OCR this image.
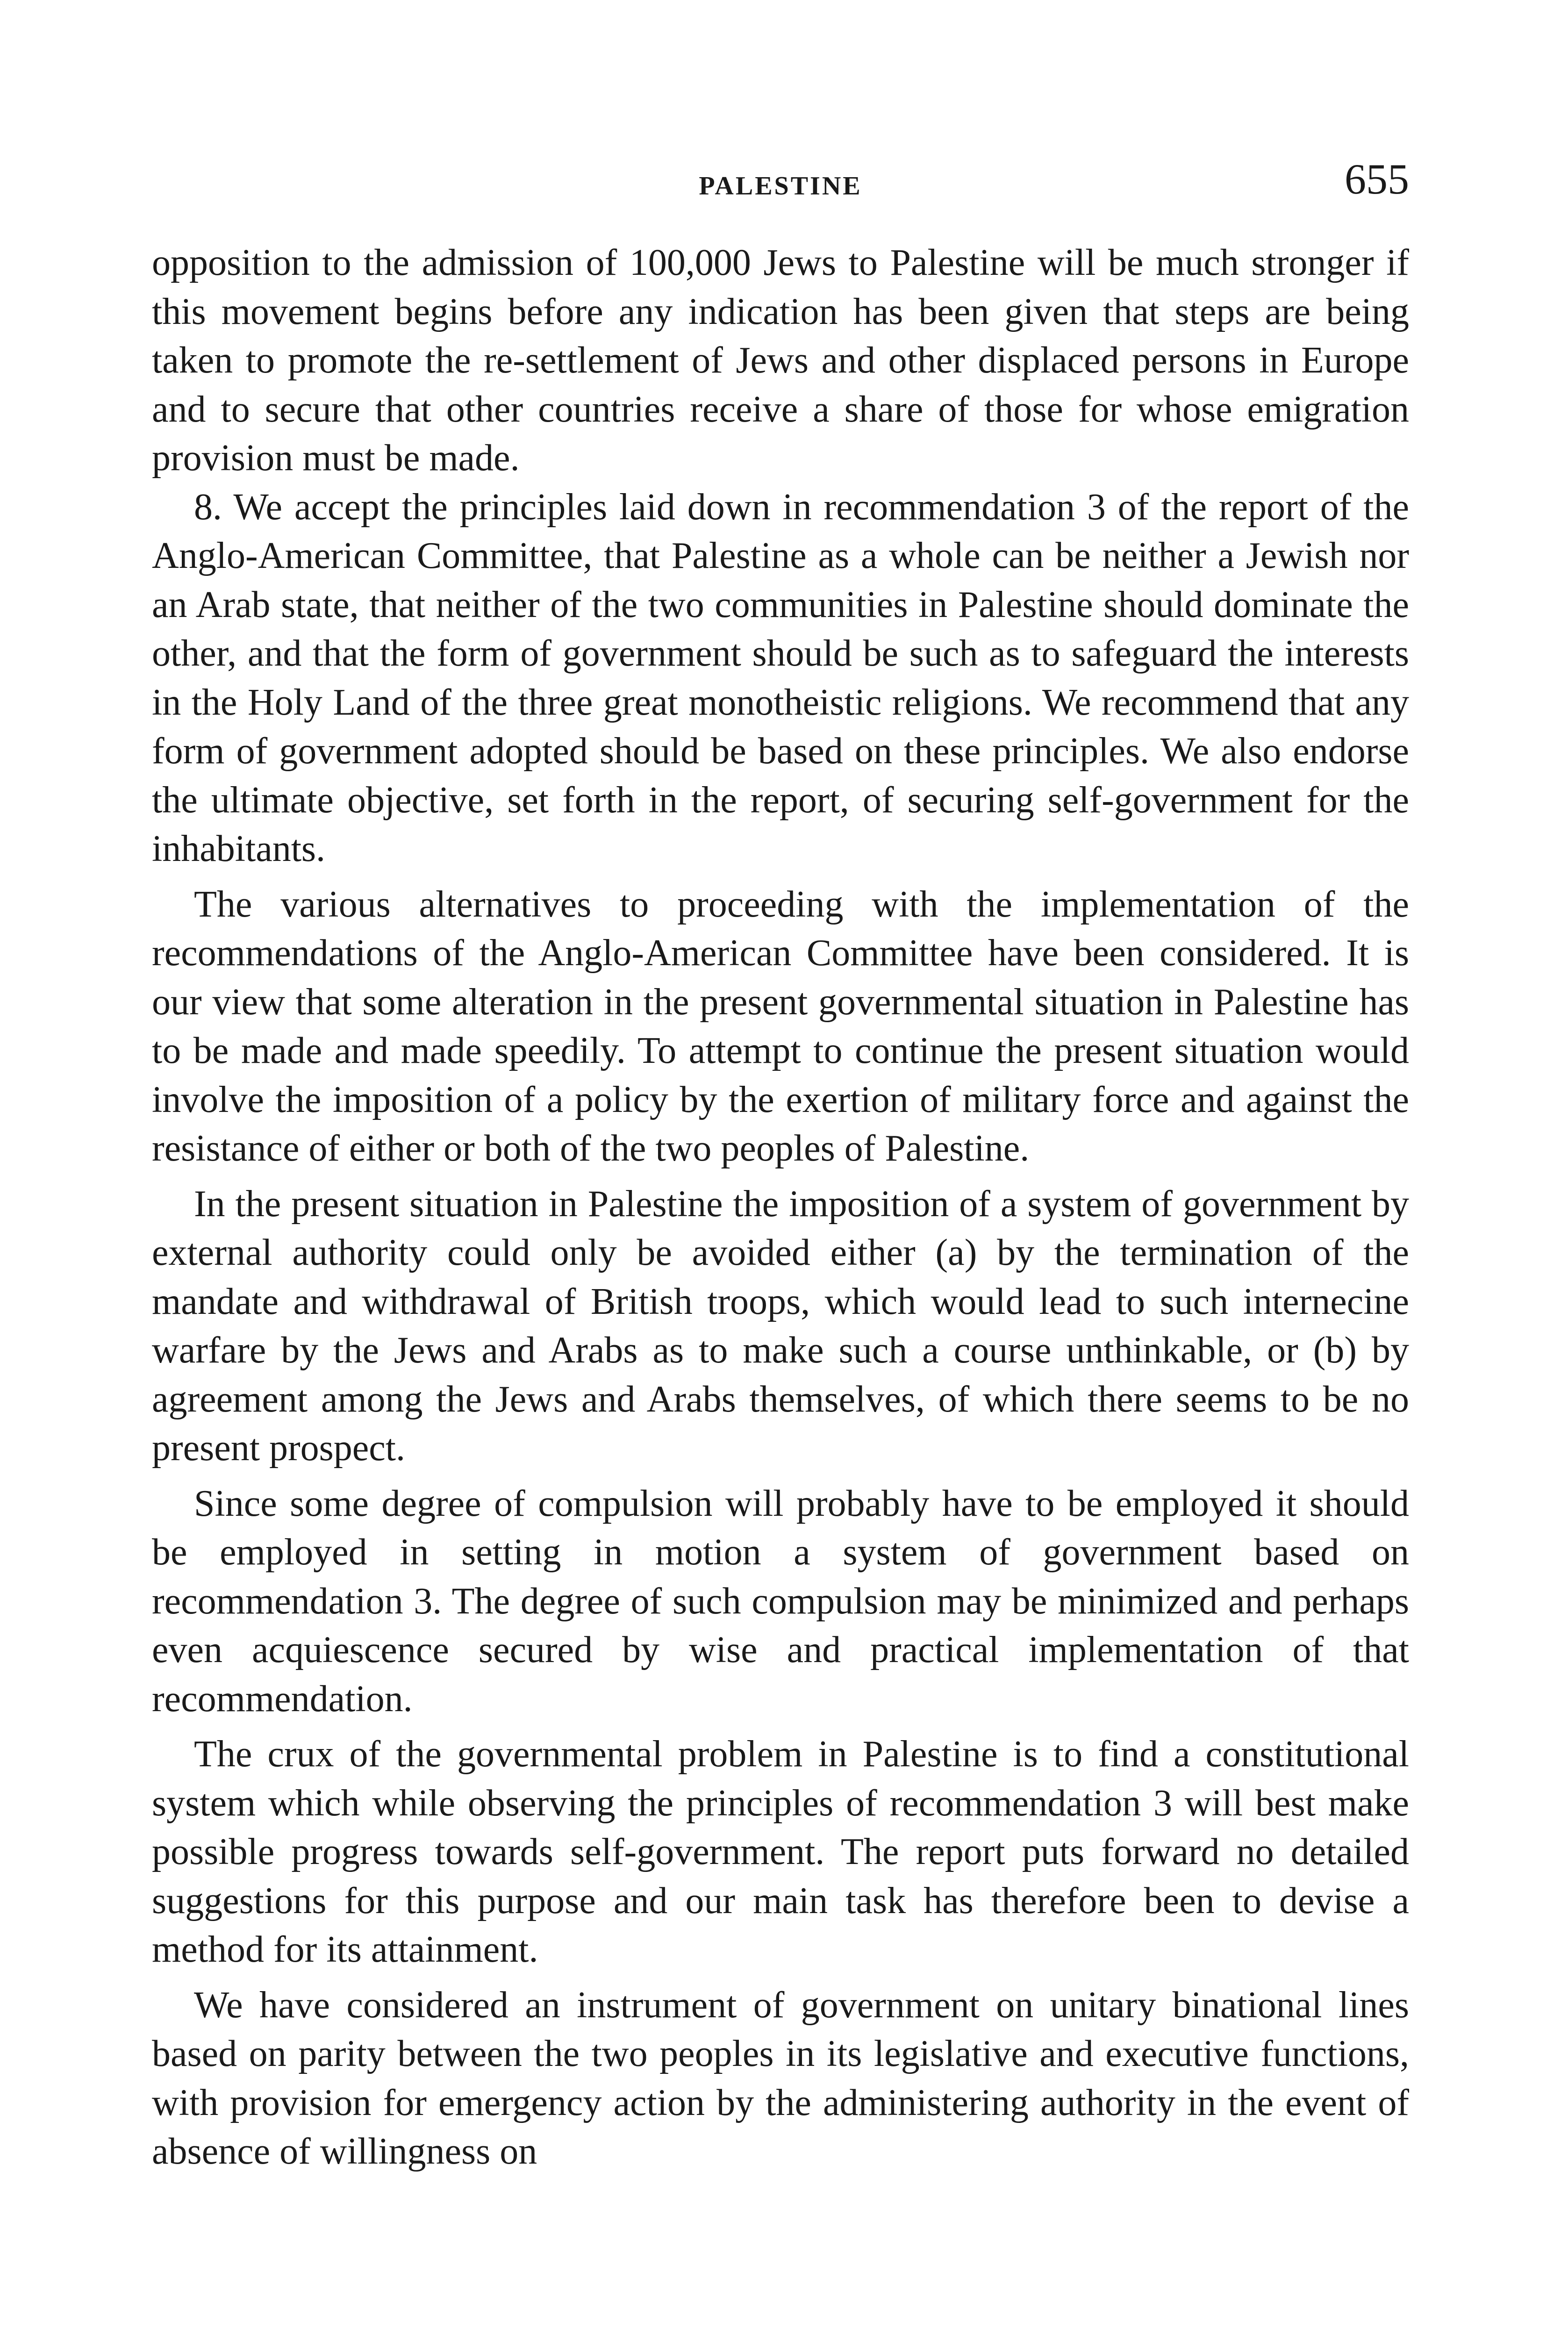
PALESTINE	655

opposition to the admission of 100,000 Jews to Palestine will be much stronger if this movement begins before any indication has been given that steps are being taken to promote the re-settlement of Jews and other displaced persons in Europe and to secure that other countries receive a share of those for whose emigration provision must be made.

8. We accept the principles laid down in recommendation 3 of the report of the Anglo-American Committee, that Palestine as a whole can be neither a Jewish nor an Arab state, that neither of the two communities in Palestine should dominate the other, and that the form of government should be such as to safeguard the interests in the Holy Land of the three great monotheistic religions. We recommend that any form of government adopted should be based on these principles. We also endorse the ultimate objective, set forth in the report, of securing self-government for the inhabitants.

The various alternatives to proceeding with the implementation of the recommendations of the Anglo-American Committee have been considered. It is our view that some alteration in the present governmental situation in Palestine has to be made and made speedily. To attempt to continue the present situation would involve the imposition of a policy by the exertion of military force and against the resistance of either or both of the two peoples of Palestine.

In the present situation in Palestine the imposition of a system of government by external authority could only be avoided either (a) by the termination of the mandate and withdrawal of British troops, which would lead to such internecine warfare by the Jews and Arabs as to make such a course unthinkable, or (b) by agreement among the Jews and Arabs themselves, of which there seems to be no present prospect.

Since some degree of compulsion will probably have to be employed it should be employed in setting in motion a system of government based on recommendation 3. The degree of such compulsion may be minimized and perhaps even acquiescence secured by wise and practical implementation of that recommendation.

The crux of the governmental problem in Palestine is to find a constitutional system which while observing the principles of recommendation 3 will best make possible progress towards self-government. The report puts forward no detailed suggestions for this purpose and our main task has therefore been to devise a method for its attainment.

We have considered an instrument of government on unitary binational lines based on parity between the two peoples in its legislative and executive functions, with provision for emergency action by the administering authority in the event of absence of willingness on
